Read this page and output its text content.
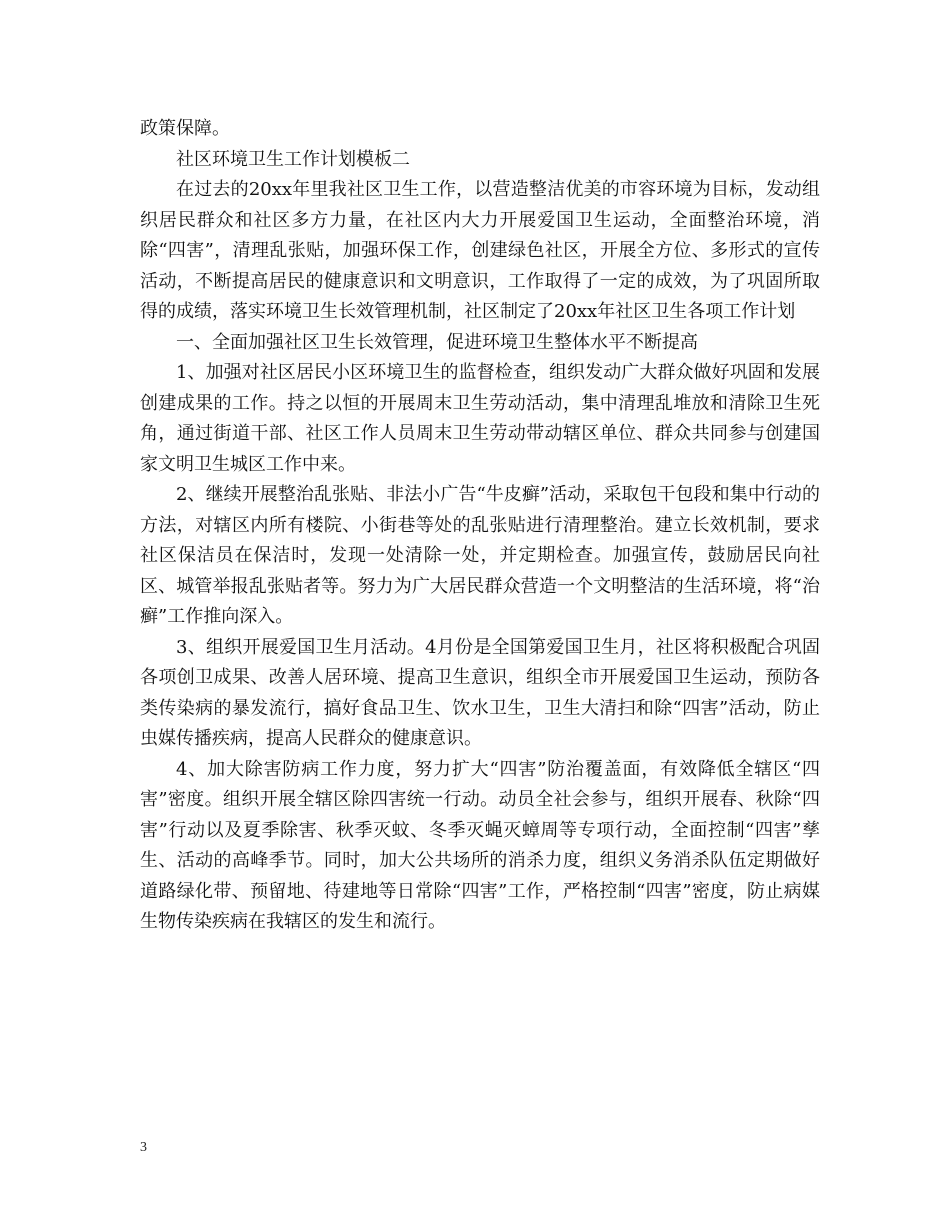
政策保障。

社区环境卫生工作计划模板二

在过去的20xx年里我社区卫生工作，以营造整洁优美的市容环境为目标，发动组织居民群众和社区多方力量，在社区内大力开展爱国卫生运动，全面整治环境，消除“四害”，清理乱张贴，加强环保工作，创建绿色社区，开展全方位、多形式的宣传活动，不断提高居民的健康意识和文明意识，工作取得了一定的成效，为了巩固所取得的成绩，落实环境卫生长效管理机制，社区制定了20xx年社区卫生各项工作计划

一、全面加强社区卫生长效管理，促进环境卫生整体水平不断提高

1、加强对社区居民小区环境卫生的监督检查，组织发动广大群众做好巩固和发展创建成果的工作。持之以恒的开展周末卫生劳动活动，集中清理乱堆放和清除卫生死角，通过街道干部、社区工作人员周末卫生劳动带动辖区单位、群众共同参与创建国家文明卫生城区工作中来。

2、继续开展整治乱张贴、非法小广告“牛皮癣”活动，采取包干包段和集中行动的方法，对辖区内所有楼院、小街巷等处的乱张贴进行清理整治。建立长效机制，要求社区保洁员在保洁时，发现一处清除一处，并定期检查。加强宣传，鼓励居民向社区、城管举报乱张贴者等。努力为广大居民群众营造一个文明整洁的生活环境，将“治癣”工作推向深入。

3、组织开展爱国卫生月活动。4月份是全国第爱国卫生月，社区将积极配合巩固各项创卫成果、改善人居环境、提高卫生意识，组织全市开展爱国卫生运动，预防各类传染病的暴发流行，搞好食品卫生、饮水卫生，卫生大清扫和除“四害”活动，防止虫媒传播疾病，提高人民群众的健康意识。

4、加大除害防病工作力度，努力扩大“四害”防治覆盖面，有效降低全辖区“四害”密度。组织开展全辖区除四害统一行动。动员全社会参与，组织开展春、秋除“四害”行动以及夏季除害、秋季灭蚊、冬季灭蝇灭蟑周等专项行动，全面控制“四害”孳生、活动的高峰季节。同时，加大公共场所的消杀力度，组织义务消杀队伍定期做好道路绿化带、预留地、待建地等日常除“四害”工作，严格控制“四害”密度，防止病媒生物传染疾病在我辖区的发生和流行。

3
